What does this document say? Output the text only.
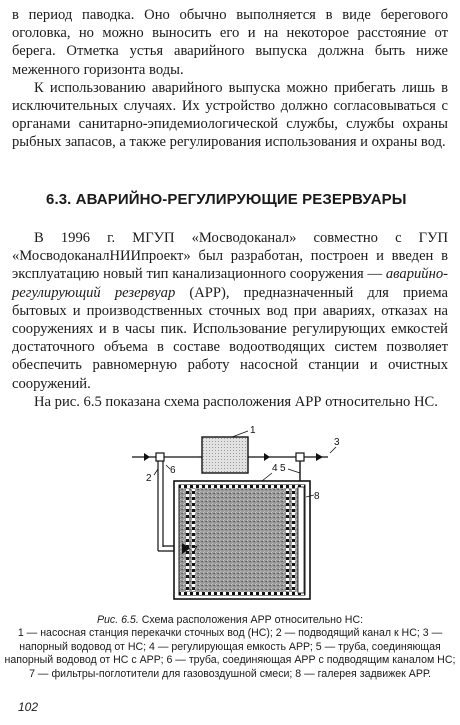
в период паводка. Оно обычно выполняется в виде берегового оголовка, но можно выносить его и на некоторое расстояние от берега. Отметка устья аварийного выпуска должна быть ниже меженного горизонта воды.

К использованию аварийного выпуска можно прибегать лишь в исключительных случаях. Их устройство должно согласовываться с органами санитарно-эпидемиологической службы, службы охраны рыбных запасов, а также регулирования использования и охраны вод.

6.3. АВАРИЙНО-РЕГУЛИРУЮЩИЕ РЕЗЕРВУАРЫ

В 1996 г. МГУП «Мосводоканал» совместно с ГУП «МосводоканалНИИпроект» был разработан, построен и введен в эксплуатацию новый тип канализационного сооружения — аварийно-регулирующий резервуар (АРР), предназначенный для приема бытовых и производственных сточных вод при авариях, отказах на сооружениях и в часы пик. Использование регулирующих емкостей достаточного объема в составе водоотводящих систем позволяет обеспечить равномерную работу насосной станции и очистных сооружений.

На рис. 6.5 показана схема расположения АРР относительно НС.

1
2
3
4 5
6
7
8
Рис. 6.5. Схема расположения АРР относительно НС:
1 — насосная станция перекачки сточных вод (НС); 2 — подводящий канал к НС; 3 — напорный водовод от НС; 4 — регулирующая емкость АРР; 5 — труба, соединяющая напорный водовод от НС с АРР; 6 — труба, соединяющая АРР с подводящим каналом НС; 7 — фильтры-поглотители для газовоздушной смеси; 8 — галерея задвижек АРР.
102
